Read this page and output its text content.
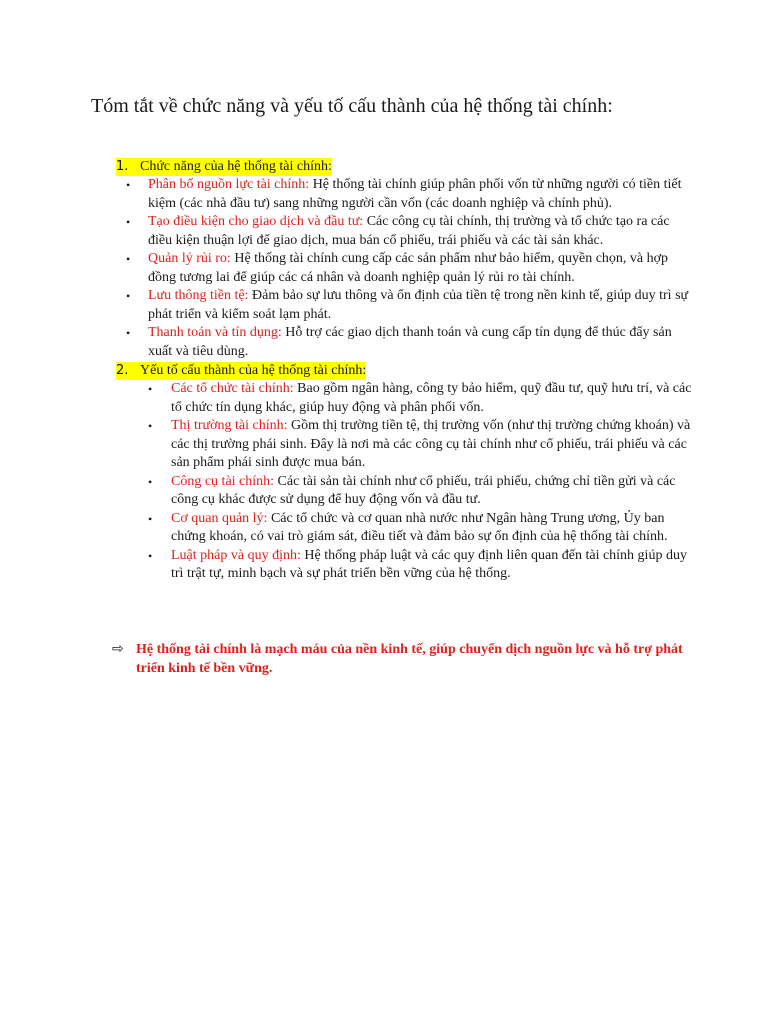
Tóm tắt về chức năng và yếu tố cấu thành của hệ thống tài chính:
1. Chức năng của hệ thống tài chính:
• Phân bổ nguồn lực tài chính: Hệ thống tài chính giúp phân phối vốn từ những người có tiền tiết kiệm (các nhà đầu tư) sang những người cần vốn (các doanh nghiệp và chính phủ).
• Tạo điều kiện cho giao dịch và đầu tư: Các công cụ tài chính, thị trường và tổ chức tạo ra các điều kiện thuận lợi để giao dịch, mua bán cổ phiếu, trái phiếu và các tài sản khác.
• Quản lý rủi ro: Hệ thống tài chính cung cấp các sản phẩm như bảo hiểm, quyền chọn, và hợp đồng tương lai để giúp các cá nhân và doanh nghiệp quản lý rủi ro tài chính.
• Lưu thông tiền tệ: Đảm bảo sự lưu thông và ổn định của tiền tệ trong nền kinh tế, giúp duy trì sự phát triển và kiểm soát lạm phát.
• Thanh toán và tín dụng: Hỗ trợ các giao dịch thanh toán và cung cấp tín dụng để thúc đẩy sản xuất và tiêu dùng.
2. Yếu tố cấu thành của hệ thống tài chính:
• Các tổ chức tài chính: Bao gồm ngân hàng, công ty bảo hiểm, quỹ đầu tư, quỹ hưu trí, và các tổ chức tín dụng khác, giúp huy động và phân phối vốn.
• Thị trường tài chính: Gồm thị trường tiền tệ, thị trường vốn (như thị trường chứng khoán) và các thị trường phái sinh. Đây là nơi mà các công cụ tài chính như cổ phiếu, trái phiếu và các sản phẩm phái sinh được mua bán.
• Công cụ tài chính: Các tài sản tài chính như cổ phiếu, trái phiếu, chứng chỉ tiền gửi và các công cụ khác được sử dụng để huy động vốn và đầu tư.
• Cơ quan quản lý: Các tổ chức và cơ quan nhà nước như Ngân hàng Trung ương, Ủy ban chứng khoán, có vai trò giám sát, điều tiết và đảm bảo sự ổn định của hệ thống tài chính.
• Luật pháp và quy định: Hệ thống pháp luật và các quy định liên quan đến tài chính giúp duy trì trật tự, minh bạch và sự phát triển bền vững của hệ thống.
⇨ Hệ thống tài chính là mạch máu của nền kinh tế, giúp chuyển dịch nguồn lực và hỗ trợ phát triển kinh tế bền vững.
